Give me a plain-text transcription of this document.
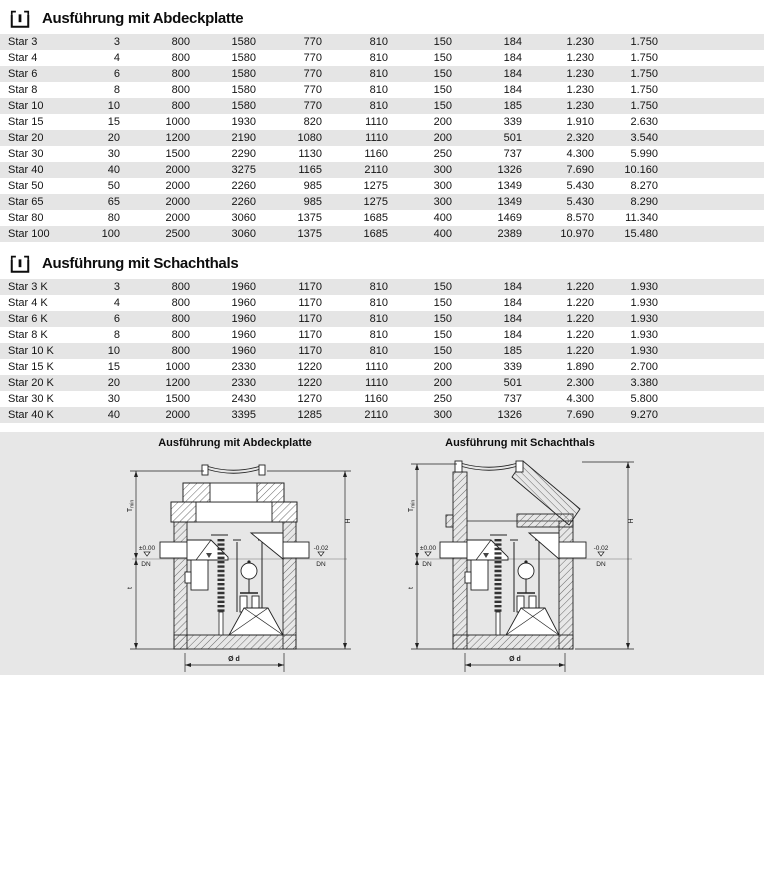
Ausführung mit Abdeckplatte
Star 3	3	800	1580	770	810	150	184	1.230	1.750	
Star 4	4	800	1580	770	810	150	184	1.230	1.750	
Star 6	6	800	1580	770	810	150	184	1.230	1.750	
Star 8	8	800	1580	770	810	150	184	1.230	1.750	
Star 10	10	800	1580	770	810	150	185	1.230	1.750	
Star 15	15	1000	1930	820	1110	200	339	1.910	2.630	
Star 20	20	1200	2190	1080	1110	200	501	2.320	3.540	
Star 30	30	1500	2290	1130	1160	250	737	4.300	5.990	
Star 40	40	2000	3275	1165	2110	300	1326	7.690	10.160	
Star 50	50	2000	2260	985	1275	300	1349	5.430	8.270	
Star 65	65	2000	2260	985	1275	300	1349	5.430	8.290	
Star 80	80	2000	3060	1375	1685	400	1469	8.570	11.340	
Star 100	100	2500	3060	1375	1685	400	2389	10.970	15.480	
Ausführung mit Schachthals
Star 3 K	3	800	1960	1170	810	150	184	1.220	1.930	
Star 4 K	4	800	1960	1170	810	150	184	1.220	1.930	
Star 6 K	6	800	1960	1170	810	150	184	1.220	1.930	
Star 8 K	8	800	1960	1170	810	150	184	1.220	1.930	
Star 10 K	10	800	1960	1170	810	150	185	1.220	1.930	
Star 15 K	15	1000	2330	1220	1110	200	339	1.890	2.700	
Star 20 K	20	1200	2330	1220	1110	200	501	2.300	3.380	
Star 30 K	30	1500	2430	1270	1160	250	737	4.300	5.800	
Star 40 K	40	2000	3395	1285	2110	300	1326	7.690	9.270	
Ausführung mit Abdeckplatte	Ausführung mit Schachthals
$T_{min}$
t
H
±0.00
DN
-0.02
DN
Ø d
$T_{min}$
t
H
±0.00
DN
-0.02
DN
Ø d
